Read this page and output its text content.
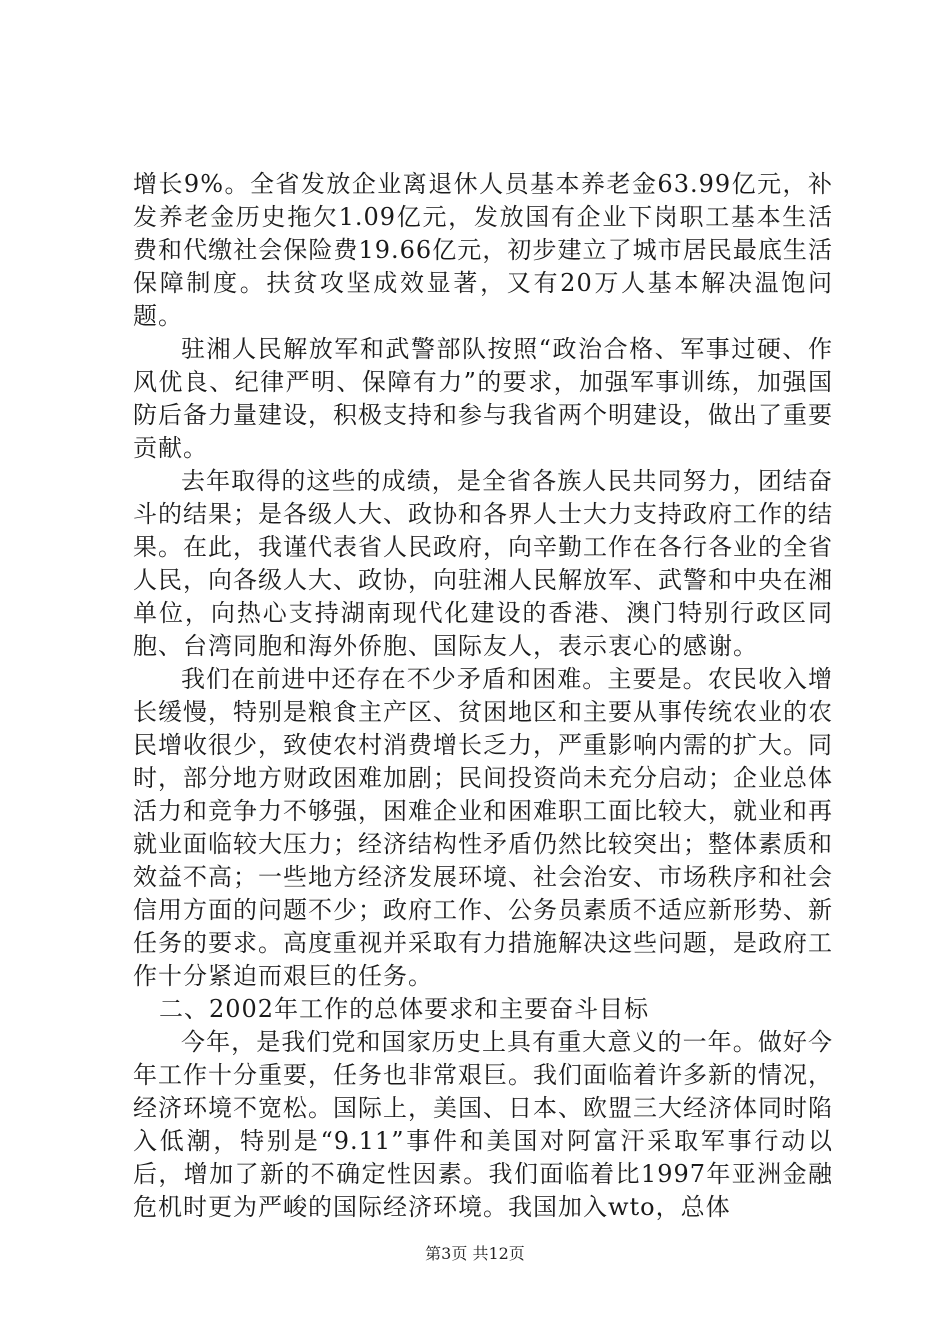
增长9%。全省发放企业离退休人员基本养老金63.99亿元，补发养老金历史拖欠1.09亿元，发放国有企业下岗职工基本生活费和代缴社会保险费19.66亿元，初步建立了城市居民最底生活保障制度。扶贫攻坚成效显著，又有20万人基本解决温饱问题。

驻湘人民解放军和武警部队按照“政治合格、军事过硬、作风优良、纪律严明、保障有力”的要求，加强军事训练，加强国防后备力量建设，积极支持和参与我省两个明建设，做出了重要贡献。

去年取得的这些的成绩，是全省各族人民共同努力，团结奋斗的结果；是各级人大、政协和各界人士大力支持政府工作的结果。在此，我谨代表省人民政府，向辛勤工作在各行各业的全省人民，向各级人大、政协，向驻湘人民解放军、武警和中央在湘单位，向热心支持湖南现代化建设的香港、澳门特别行政区同胞、台湾同胞和海外侨胞、国际友人，表示衷心的感谢。

我们在前进中还存在不少矛盾和困难。主要是。农民收入增长缓慢，特别是粮食主产区、贫困地区和主要从事传统农业的农民增收很少，致使农村消费增长乏力，严重影响内需的扩大。同时，部分地方财政困难加剧；民间投资尚未充分启动；企业总体活力和竞争力不够强，困难企业和困难职工面比较大，就业和再就业面临较大压力；经济结构性矛盾仍然比较突出；整体素质和效益不高；一些地方经济发展环境、社会治安、市场秩序和社会信用方面的问题不少；政府工作、公务员素质不适应新形势、新任务的要求。高度重视并采取有力措施解决这些问题，是政府工作十分紧迫而艰巨的任务。

二、2002年工作的总体要求和主要奋斗目标

今年，是我们党和国家历史上具有重大意义的一年。做好今年工作十分重要，任务也非常艰巨。我们面临着许多新的情况，经济环境不宽松。国际上，美国、日本、欧盟三大经济体同时陷入低潮，特别是“9.11”事件和美国对阿富汗采取军事行动以后，增加了新的不确定性因素。我们面临着比1997年亚洲金融危机时更为严峻的国际经济环境。我国加入wto，总体

第3页 共12页
